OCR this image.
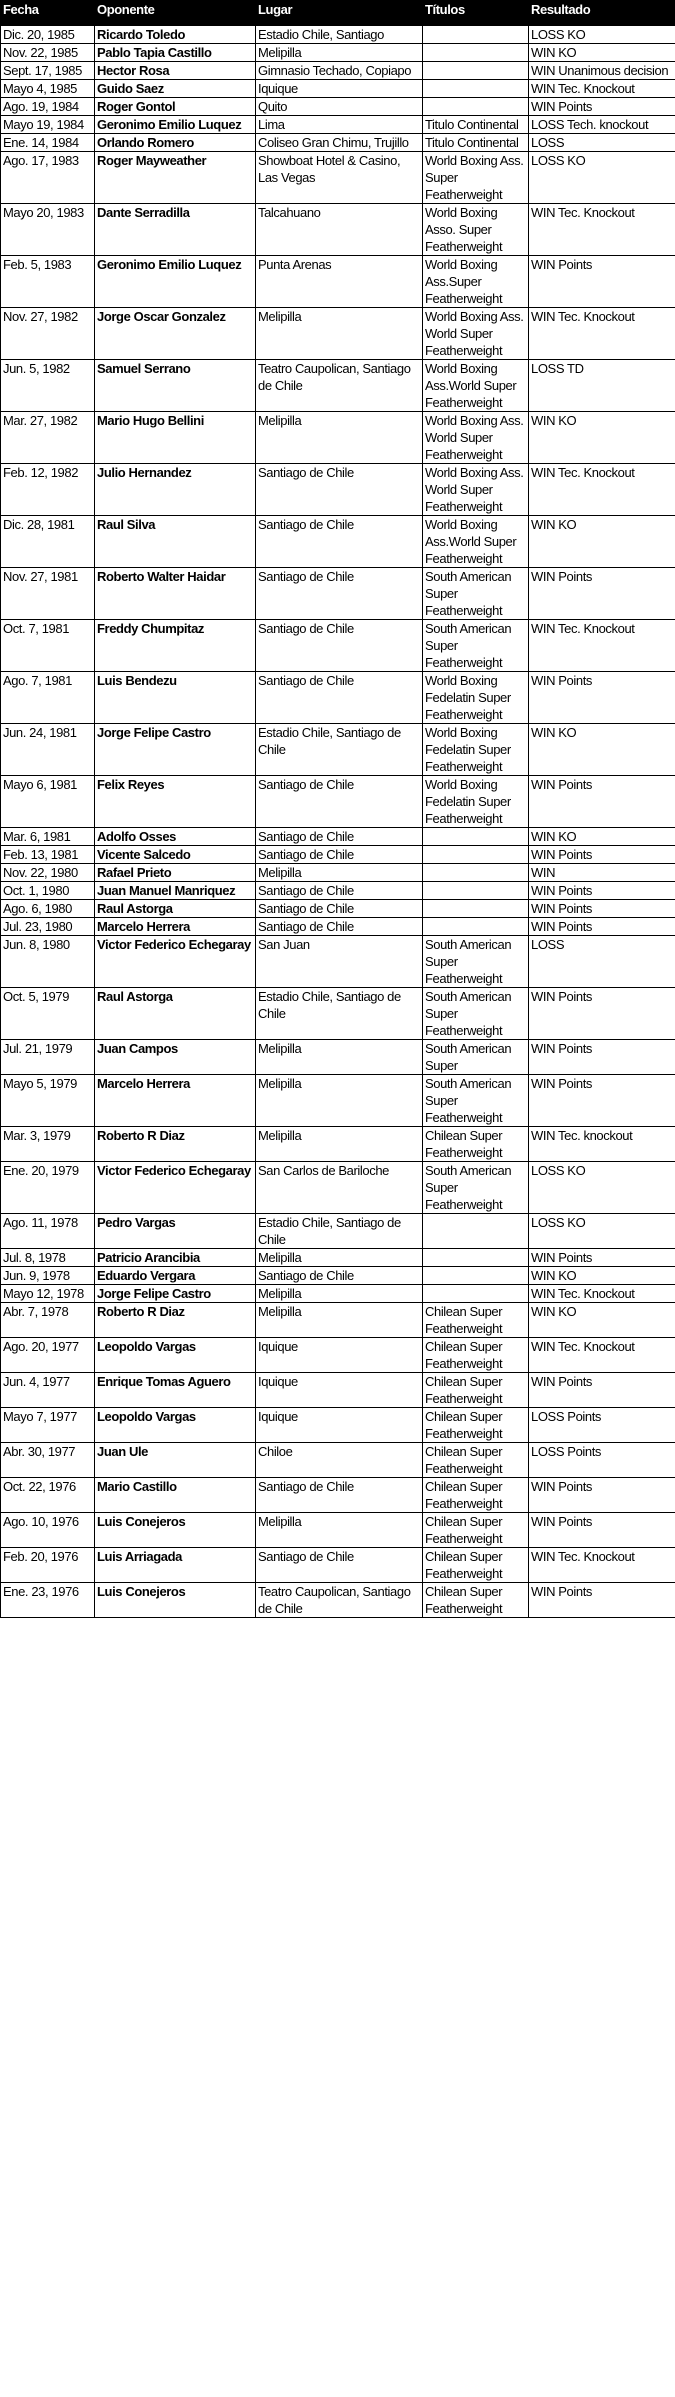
Fecha	Oponente	Lugar	Títulos	Resultado
Dic. 20, 1985	Ricardo Toledo	Estadio Chile, Santiago		LOSS KO
Nov. 22, 1985	Pablo Tapia Castillo	Melipilla		WIN KO
Sept. 17, 1985	Hector Rosa	Gimnasio Techado, Copiapo		WIN Unanimous decision
Mayo 4, 1985	Guido Saez	Iquique		WIN Tec. Knockout
Ago. 19, 1984	Roger Gontol	Quito		WIN Points
Mayo 19, 1984	Geronimo Emilio Luquez	Lima	Titulo Continental	LOSS Tech. knockout
Ene. 14, 1984	Orlando Romero	Coliseo Gran Chimu, Trujillo	Titulo Continental	LOSS
Ago. 17, 1983	Roger Mayweather	Showboat Hotel & Casino, Las Vegas	World Boxing Ass. Super Featherweight	LOSS KO
Mayo 20, 1983	Dante Serradilla	Talcahuano	World Boxing Asso. Super Featherweight	WIN Tec. Knockout
Feb. 5, 1983	Geronimo Emilio Luquez	Punta Arenas	World Boxing Ass.Super Featherweight	WIN Points
Nov. 27, 1982	Jorge Oscar Gonzalez	Melipilla	World Boxing Ass. World Super Featherweight	WIN Tec. Knockout
Jun. 5, 1982	Samuel Serrano	Teatro Caupolican, Santiago de Chile	World Boxing Ass.World Super Featherweight	LOSS TD
Mar. 27, 1982	Mario Hugo Bellini	Melipilla	World Boxing Ass. World Super Featherweight	WIN KO
Feb. 12, 1982	Julio Hernandez	Santiago de Chile	World Boxing Ass. World Super Featherweight	WIN Tec. Knockout
Dic. 28, 1981	Raul Silva	Santiago de Chile	World Boxing Ass.World Super Featherweight	WIN KO
Nov. 27, 1981	Roberto Walter Haidar	Santiago de Chile	South American Super Featherweight	WIN Points
Oct. 7, 1981	Freddy Chumpitaz	Santiago de Chile	South American Super Featherweight	WIN Tec. Knockout
Ago. 7, 1981	Luis Bendezu	Santiago de Chile	World Boxing Fedelatin Super Featherweight	WIN Points
Jun. 24, 1981	Jorge Felipe Castro	Estadio Chile, Santiago de Chile	World Boxing Fedelatin Super Featherweight	WIN KO
Mayo 6, 1981	Felix Reyes	Santiago de Chile	World Boxing Fedelatin Super Featherweight	WIN Points
Mar. 6, 1981	Adolfo Osses	Santiago de Chile		WIN KO
Feb. 13, 1981	Vicente Salcedo	Santiago de Chile		WIN Points
Nov. 22, 1980	Rafael Prieto	Melipilla		WIN
Oct. 1, 1980	Juan Manuel Manriquez	Santiago de Chile		WIN Points
Ago. 6, 1980	Raul Astorga	Santiago de Chile		WIN Points
Jul. 23, 1980	Marcelo Herrera	Santiago de Chile		WIN Points
Jun. 8, 1980	Victor Federico Echegaray	San Juan	South American Super Featherweight	LOSS
Oct. 5, 1979	Raul Astorga	Estadio Chile, Santiago de Chile	South American Super Featherweight	WIN Points
Jul. 21, 1979	Juan Campos	Melipilla	South American Super	WIN Points
Mayo 5, 1979	Marcelo Herrera	Melipilla	South American Super Featherweight	WIN Points
Mar. 3, 1979	Roberto R Diaz	Melipilla	Chilean Super Featherweight	WIN Tec. knockout
Ene. 20, 1979	Victor Federico Echegaray	San Carlos de Bariloche	South American Super Featherweight	LOSS KO
Ago. 11, 1978	Pedro Vargas	Estadio Chile, Santiago de Chile		LOSS KO
Jul. 8, 1978	Patricio Arancibia	Melipilla		WIN Points
Jun. 9, 1978	Eduardo Vergara	Santiago de Chile		WIN KO
Mayo 12, 1978	Jorge Felipe Castro	Melipilla		WIN Tec. Knockout
Abr. 7, 1978	Roberto R Diaz	Melipilla	Chilean Super Featherweight	WIN KO
Ago. 20, 1977	Leopoldo Vargas	Iquique	Chilean Super Featherweight	WIN Tec. Knockout
Jun. 4, 1977	Enrique Tomas Aguero	Iquique	Chilean Super Featherweight	WIN Points
Mayo 7, 1977	Leopoldo Vargas	Iquique	Chilean Super Featherweight	LOSS Points
Abr. 30, 1977	Juan Ule	Chiloe	Chilean Super Featherweight	LOSS Points
Oct. 22, 1976	Mario Castillo	Santiago de Chile	Chilean Super Featherweight	WIN Points
Ago. 10, 1976	Luis Conejeros	Melipilla	Chilean Super Featherweight	WIN Points
Feb. 20, 1976	Luis Arriagada	Santiago de Chile	Chilean Super Featherweight	WIN Tec. Knockout
Ene. 23, 1976	Luis Conejeros	Teatro Caupolican, Santiago de Chile	Chilean Super Featherweight	WIN Points
